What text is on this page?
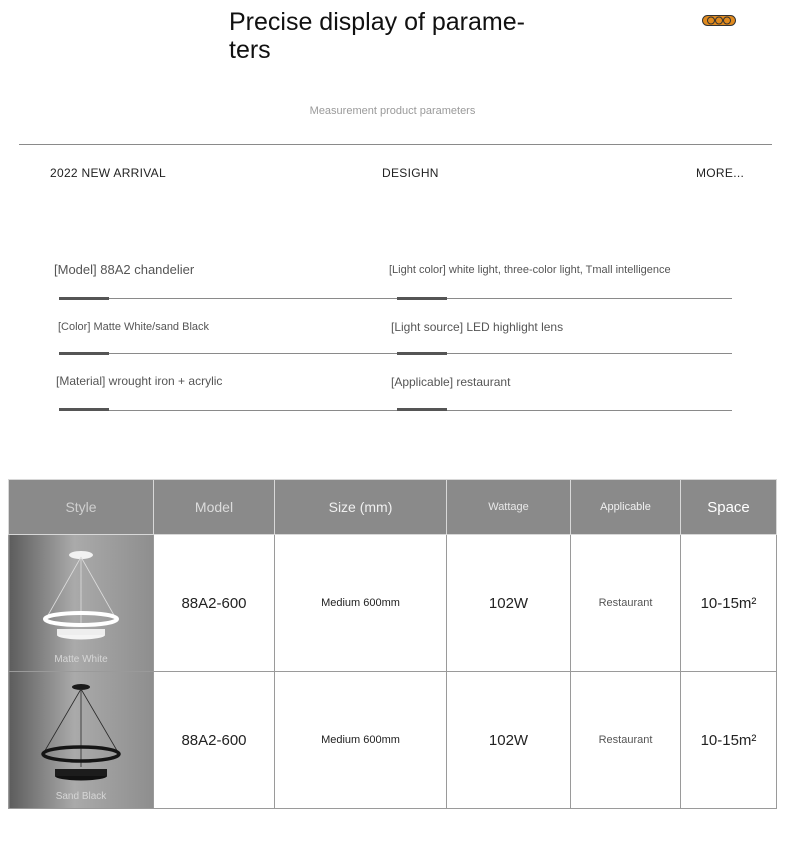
Precise display of parame-ters
Measurement product parameters
2022 NEW ARRIVAL	DESIGHN	MORE...
[Model] 88A2 chandelier	[Light color] white light, three-color light, Tmall intelligence
[Color] Matte White/sand Black	[Light source] LED highlight lens
[Material] wrought iron + acrylic	[Applicable] restaurant
Style	Model	Size (mm)	Wattage	Applicable	Space

Matte White	88A2-600	Medium 600mm	102W	Restaurant	10-15m²

Sand Black	88A2-600	Medium 600mm	102W	Restaurant	10-15m²
